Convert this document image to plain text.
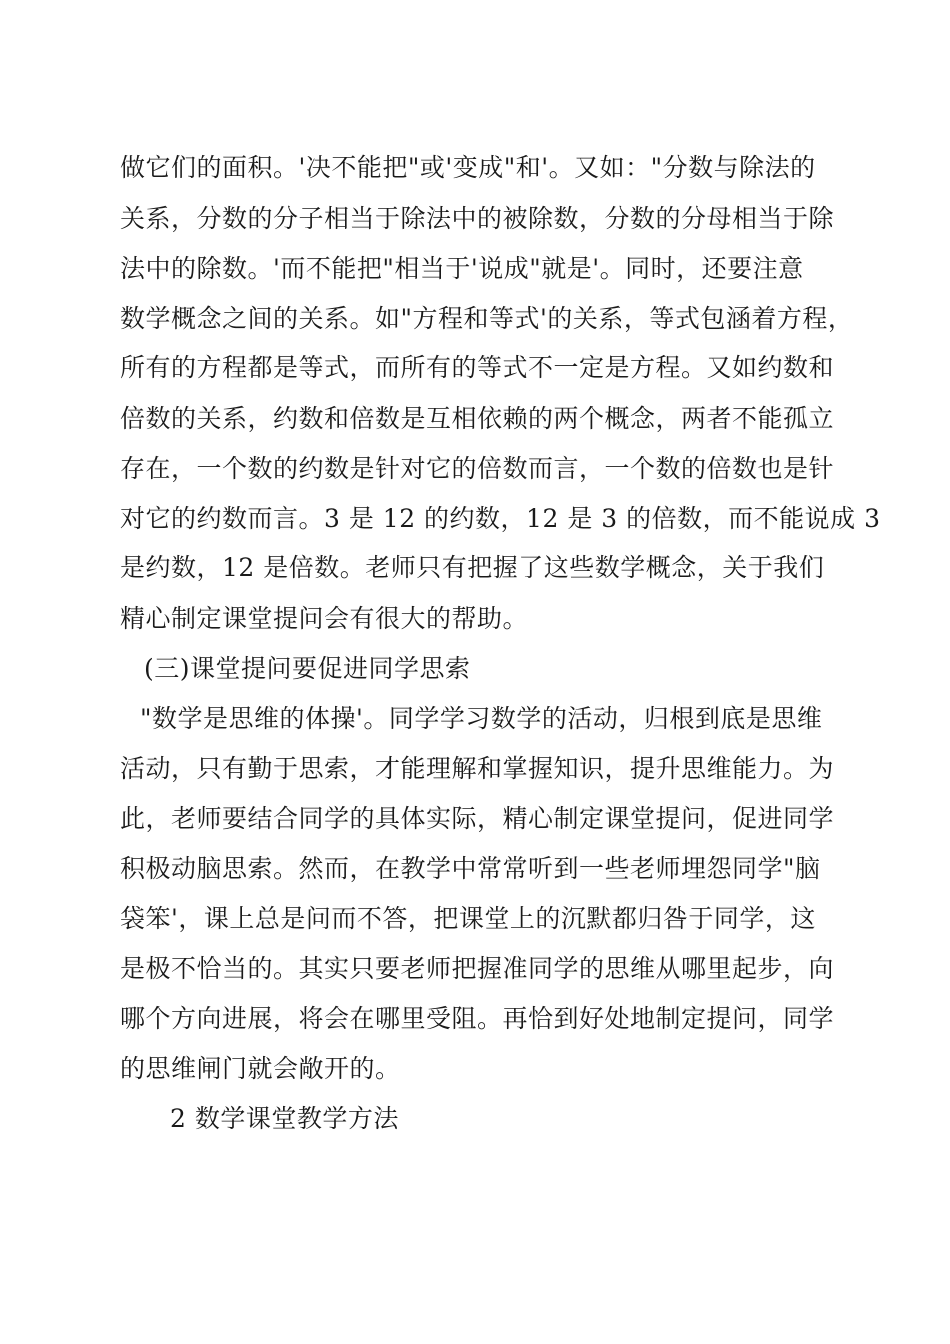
做它们的面积。'决不能把"或'变成"和'。又如："分数与除法的

关系，分数的分子相当于除法中的被除数，分数的分母相当于除

法中的除数。'而不能把"相当于'说成"就是'。同时，还要注意

数学概念之间的关系。如"方程和等式'的关系，等式包涵着方程，

所有的方程都是等式，而所有的等式不一定是方程。又如约数和

倍数的关系，约数和倍数是互相依赖的两个概念，两者不能孤立

存在，一个数的约数是针对它的倍数而言，一个数的倍数也是针

对它的约数而言。3 是 12 的约数，12 是 3 的倍数，而不能说成 3

是约数，12 是倍数。老师只有把握了这些数学概念，关于我们

精心制定课堂提问会有很大的帮助。

(三)课堂提问要促进同学思索

"数学是思维的体操'。同学学习数学的活动，归根到底是思维

活动，只有勤于思索，才能理解和掌握知识，提升思维能力。为

此，老师要结合同学的具体实际，精心制定课堂提问，促进同学

积极动脑思索。然而，在教学中常常听到一些老师埋怨同学"脑

袋笨'，课上总是问而不答，把课堂上的沉默都归咎于同学，这

是极不恰当的。其实只要老师把握准同学的思维从哪里起步，向

哪个方向进展，将会在哪里受阻。再恰到好处地制定提问，同学

的思维闸门就会敞开的。

2 数学课堂教学方法
